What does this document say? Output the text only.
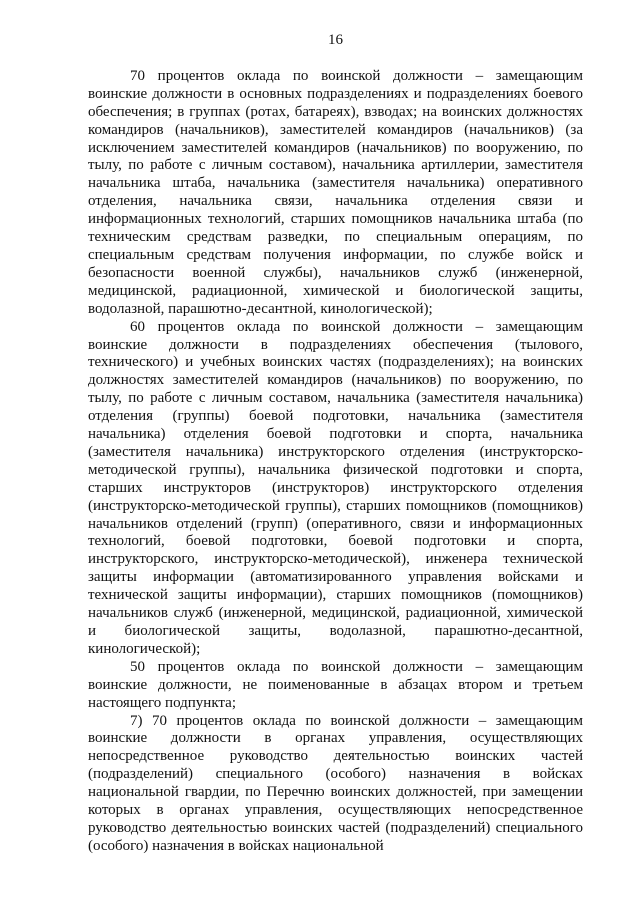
16

70 процентов оклада по воинской должности – замещающим воинские должности в основных подразделениях и подразделениях боевого обеспечения; в группах (ротах, батареях), взводах; на воинских должностях командиров (начальников), заместителей командиров (начальников) (за исключением заместителей командиров (начальников) по вооружению, по тылу, по работе с личным составом), начальника артиллерии, заместителя начальника штаба, начальника (заместителя начальника) оперативного отделения, начальника связи, начальника отделения связи и информационных технологий, старших помощников начальника штаба (по техническим средствам разведки, по специальным операциям, по специальным средствам получения информации, по службе войск и безопасности военной службы), начальников служб (инженерной, медицинской, радиационной, химической и биологической защиты, водолазной, парашютно-десантной, кинологической);

60 процентов оклада по воинской должности – замещающим воинские должности в подразделениях обеспечения (тылового, технического) и учебных воинских частях (подразделениях); на воинских должностях заместителей командиров (начальников) по вооружению, по тылу, по работе с личным составом, начальника (заместителя начальника) отделения (группы) боевой подготовки, начальника (заместителя начальника) отделения боевой подготовки и спорта, начальника (заместителя начальника) инструкторского отделения (инструкторско-методической группы), начальника физической подготовки и спорта, старших инструкторов (инструкторов) инструкторского отделения (инструкторско-методической группы), старших помощников (помощников) начальников отделений (групп) (оперативного, связи и информационных технологий, боевой подготовки, боевой подготовки и спорта, инструкторского, инструкторско-методической), инженера технической защиты информации (автоматизированного управления войсками и технической защиты информации), старших помощников (помощников) начальников служб (инженерной, медицинской, радиационной, химической и биологической защиты, водолазной, парашютно-десантной, кинологической);

50 процентов оклада по воинской должности – замещающим воинские должности, не поименованные в абзацах втором и третьем настоящего подпункта;

7) 70 процентов оклада по воинской должности – замещающим воинские должности в органах управления, осуществляющих непосредственное руководство деятельностью воинских частей (подразделений) специального (особого) назначения в войсках национальной гвардии, по Перечню воинских должностей, при замещении которых в органах управления, осуществляющих непосредственное руководство деятельностью воинских частей (подразделений) специального (особого) назначения в войсках национальной
